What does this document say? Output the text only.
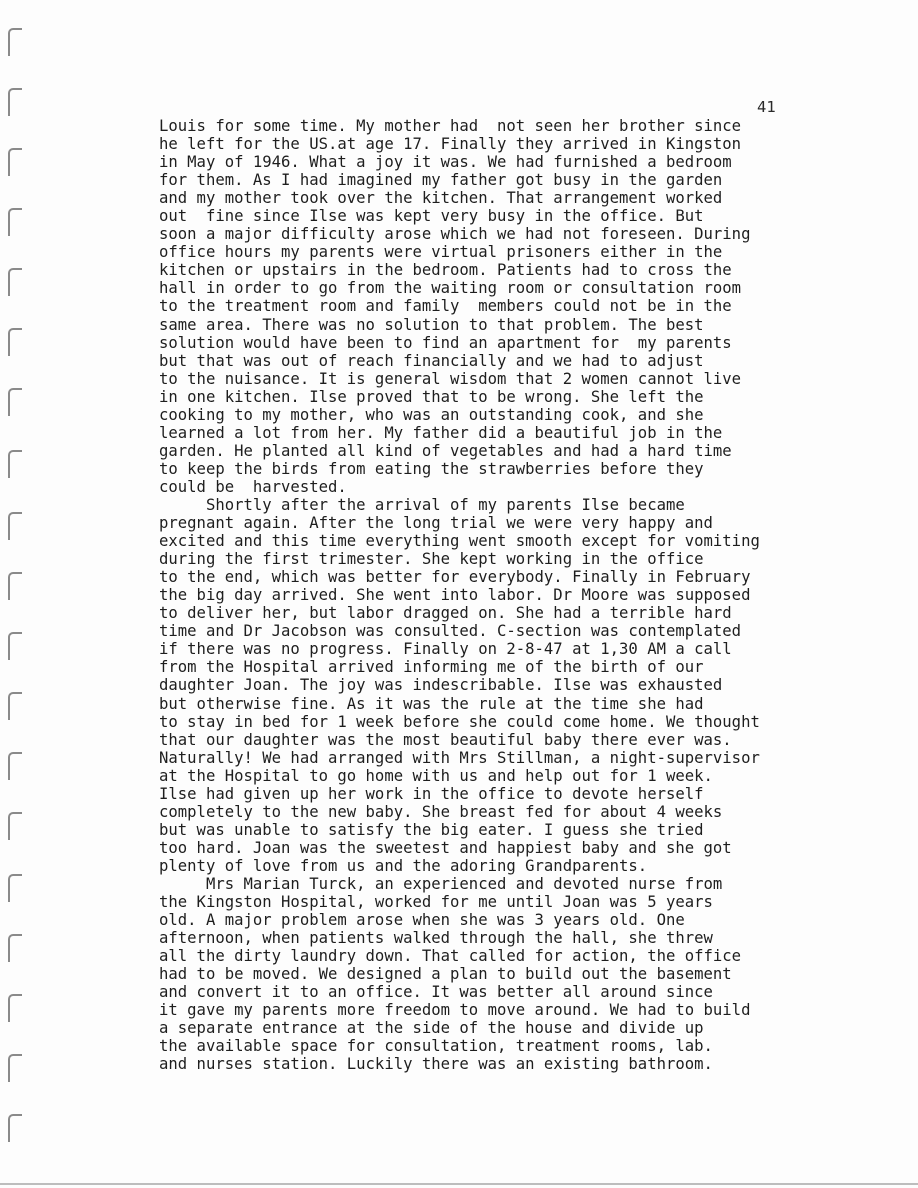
41

Louis for some time. My mother had  not seen her brother since
he left for the US.at age 17. Finally they arrived in Kingston
in May of 1946. What a joy it was. We had furnished a bedroom
for them. As I had imagined my father got busy in the garden
and my mother took over the kitchen. That arrangement worked
out  fine since Ilse was kept very busy in the office. But
soon a major difficulty arose which we had not foreseen. During
office hours my parents were virtual prisoners either in the
kitchen or upstairs in the bedroom. Patients had to cross the
hall in order to go from the waiting room or consultation room
to the treatment room and family  members could not be in the
same area. There was no solution to that problem. The best
solution would have been to find an apartment for  my parents
but that was out of reach financially and we had to adjust
to the nuisance. It is general wisdom that 2 women cannot live
in one kitchen. Ilse proved that to be wrong. She left the
cooking to my mother, who was an outstanding cook, and she
learned a lot from her. My father did a beautiful job in the
garden. He planted all kind of vegetables and had a hard time
to keep the birds from eating the strawberries before they
could be  harvested.
Shortly after the arrival of my parents Ilse became
pregnant again. After the long trial we were very happy and
excited and this time everything went smooth except for vomiting
during the first trimester. She kept working in the office
to the end, which was better for everybody. Finally in February
the big day arrived. She went into labor. Dr Moore was supposed
to deliver her, but labor dragged on. She had a terrible hard
time and Dr Jacobson was consulted. C-section was contemplated
if there was no progress. Finally on 2-8-47 at 1,30 AM a call
from the Hospital arrived informing me of the birth of our
daughter Joan. The joy was indescribable. Ilse was exhausted
but otherwise fine. As it was the rule at the time she had
to stay in bed for 1 week before she could come home. We thought
that our daughter was the most beautiful baby there ever was.
Naturally! We had arranged with Mrs Stillman, a night-supervisor
at the Hospital to go home with us and help out for 1 week.
Ilse had given up her work in the office to devote herself
completely to the new baby. She breast fed for about 4 weeks
but was unable to satisfy the big eater. I guess she tried
too hard. Joan was the sweetest and happiest baby and she got
plenty of love from us and the adoring Grandparents.
Mrs Marian Turck, an experienced and devoted nurse from
the Kingston Hospital, worked for me until Joan was 5 years
old. A major problem arose when she was 3 years old. One
afternoon, when patients walked through the hall, she threw
all the dirty laundry down. That called for action, the office
had to be moved. We designed a plan to build out the basement
and convert it to an office. It was better all around since
it gave my parents more freedom to move around. We had to build
a separate entrance at the side of the house and divide up
the available space for consultation, treatment rooms, lab.
and nurses station. Luckily there was an existing bathroom.
